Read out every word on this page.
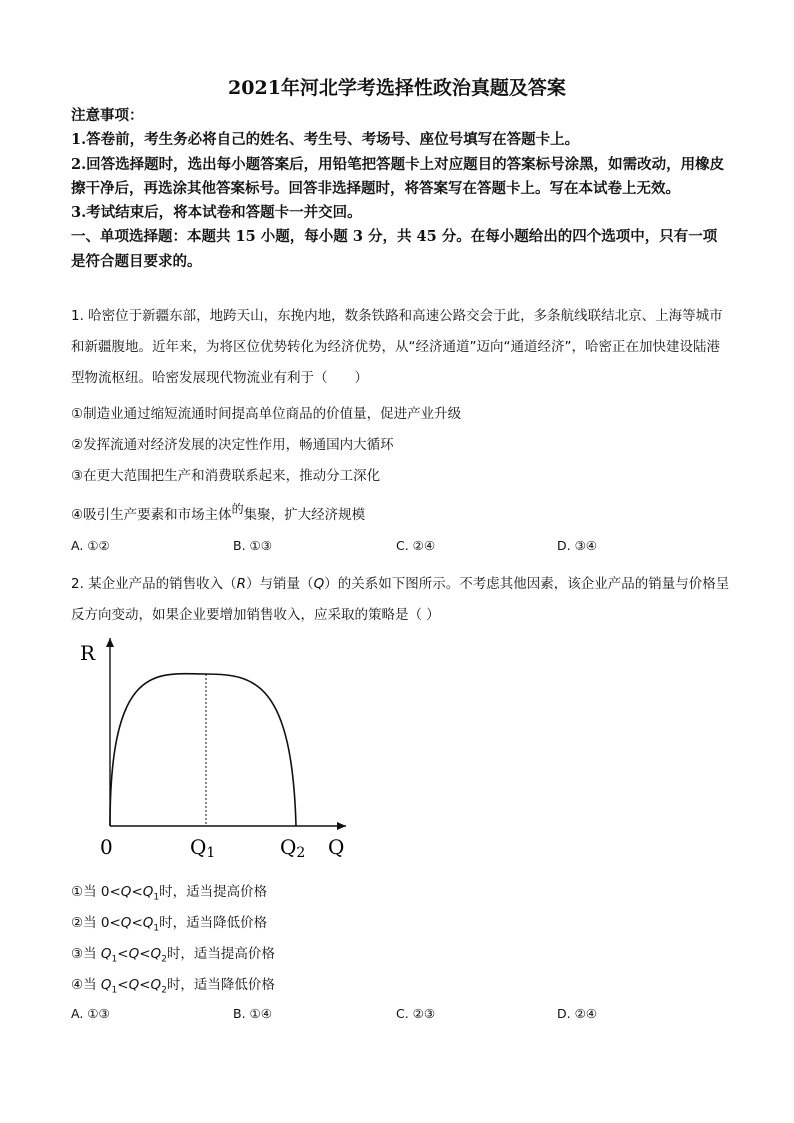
2021年河北学考选择性政治真题及答案
注意事项：
1.答卷前，考生务必将自己的姓名、考生号、考场号、座位号填写在答题卡上。
2.回答选择题时，选出每小题答案后，用铅笔把答题卡上对应题目的答案标号涂黑，如需改动，用橡皮擦干净后，再选涂其他答案标号。回答非选择题时，将答案写在答题卡上。写在本试卷上无效。
3.考试结束后，将本试卷和答题卡一并交回。
一、单项选择题：本题共 15 小题，每小题 3 分，共 45 分。在每小题给出的四个选项中，只有一项是符合题目要求的。
1. 哈密位于新疆东部，地跨天山，东挽内地，数条铁路和高速公路交会于此，多条航线联结北京、上海等城市和新疆腹地。近年来，为将区位优势转化为经济优势，从“经济通道”迈向“通道经济”，哈密正在加快建设陆港型物流枢纽。哈密发展现代物流业有利于（　　）
①制造业通过缩短流通时间提高单位商品的价值量，促进产业升级
②发挥流通对经济发展的决定性作用，畅通国内大循环
③在更大范围把生产和消费联系起来，推动分工深化
④吸引生产要素和市场主体的集聚，扩大经济规模
A. ①②	B. ①③	C. ②④	D. ③④
2. 某企业产品的销售收入（R）与销量（Q）的关系如下图所示。不考虑其他因素，该企业产品的销量与价格呈反方向变动，如果企业要增加销售收入，应采取的策略是（ ）
R
0	Q1	Q2 Q
①当 $0<Q<Q_1$时，适当提高价格
②当 $0<Q<Q_1$时，适当降低价格
③当 $Q_1<Q<Q_2$时，适当提高价格
④当 $Q_1<Q<Q_2$时，适当降低价格
A. ①③	B. ①④	C. ②③	D. ②④
